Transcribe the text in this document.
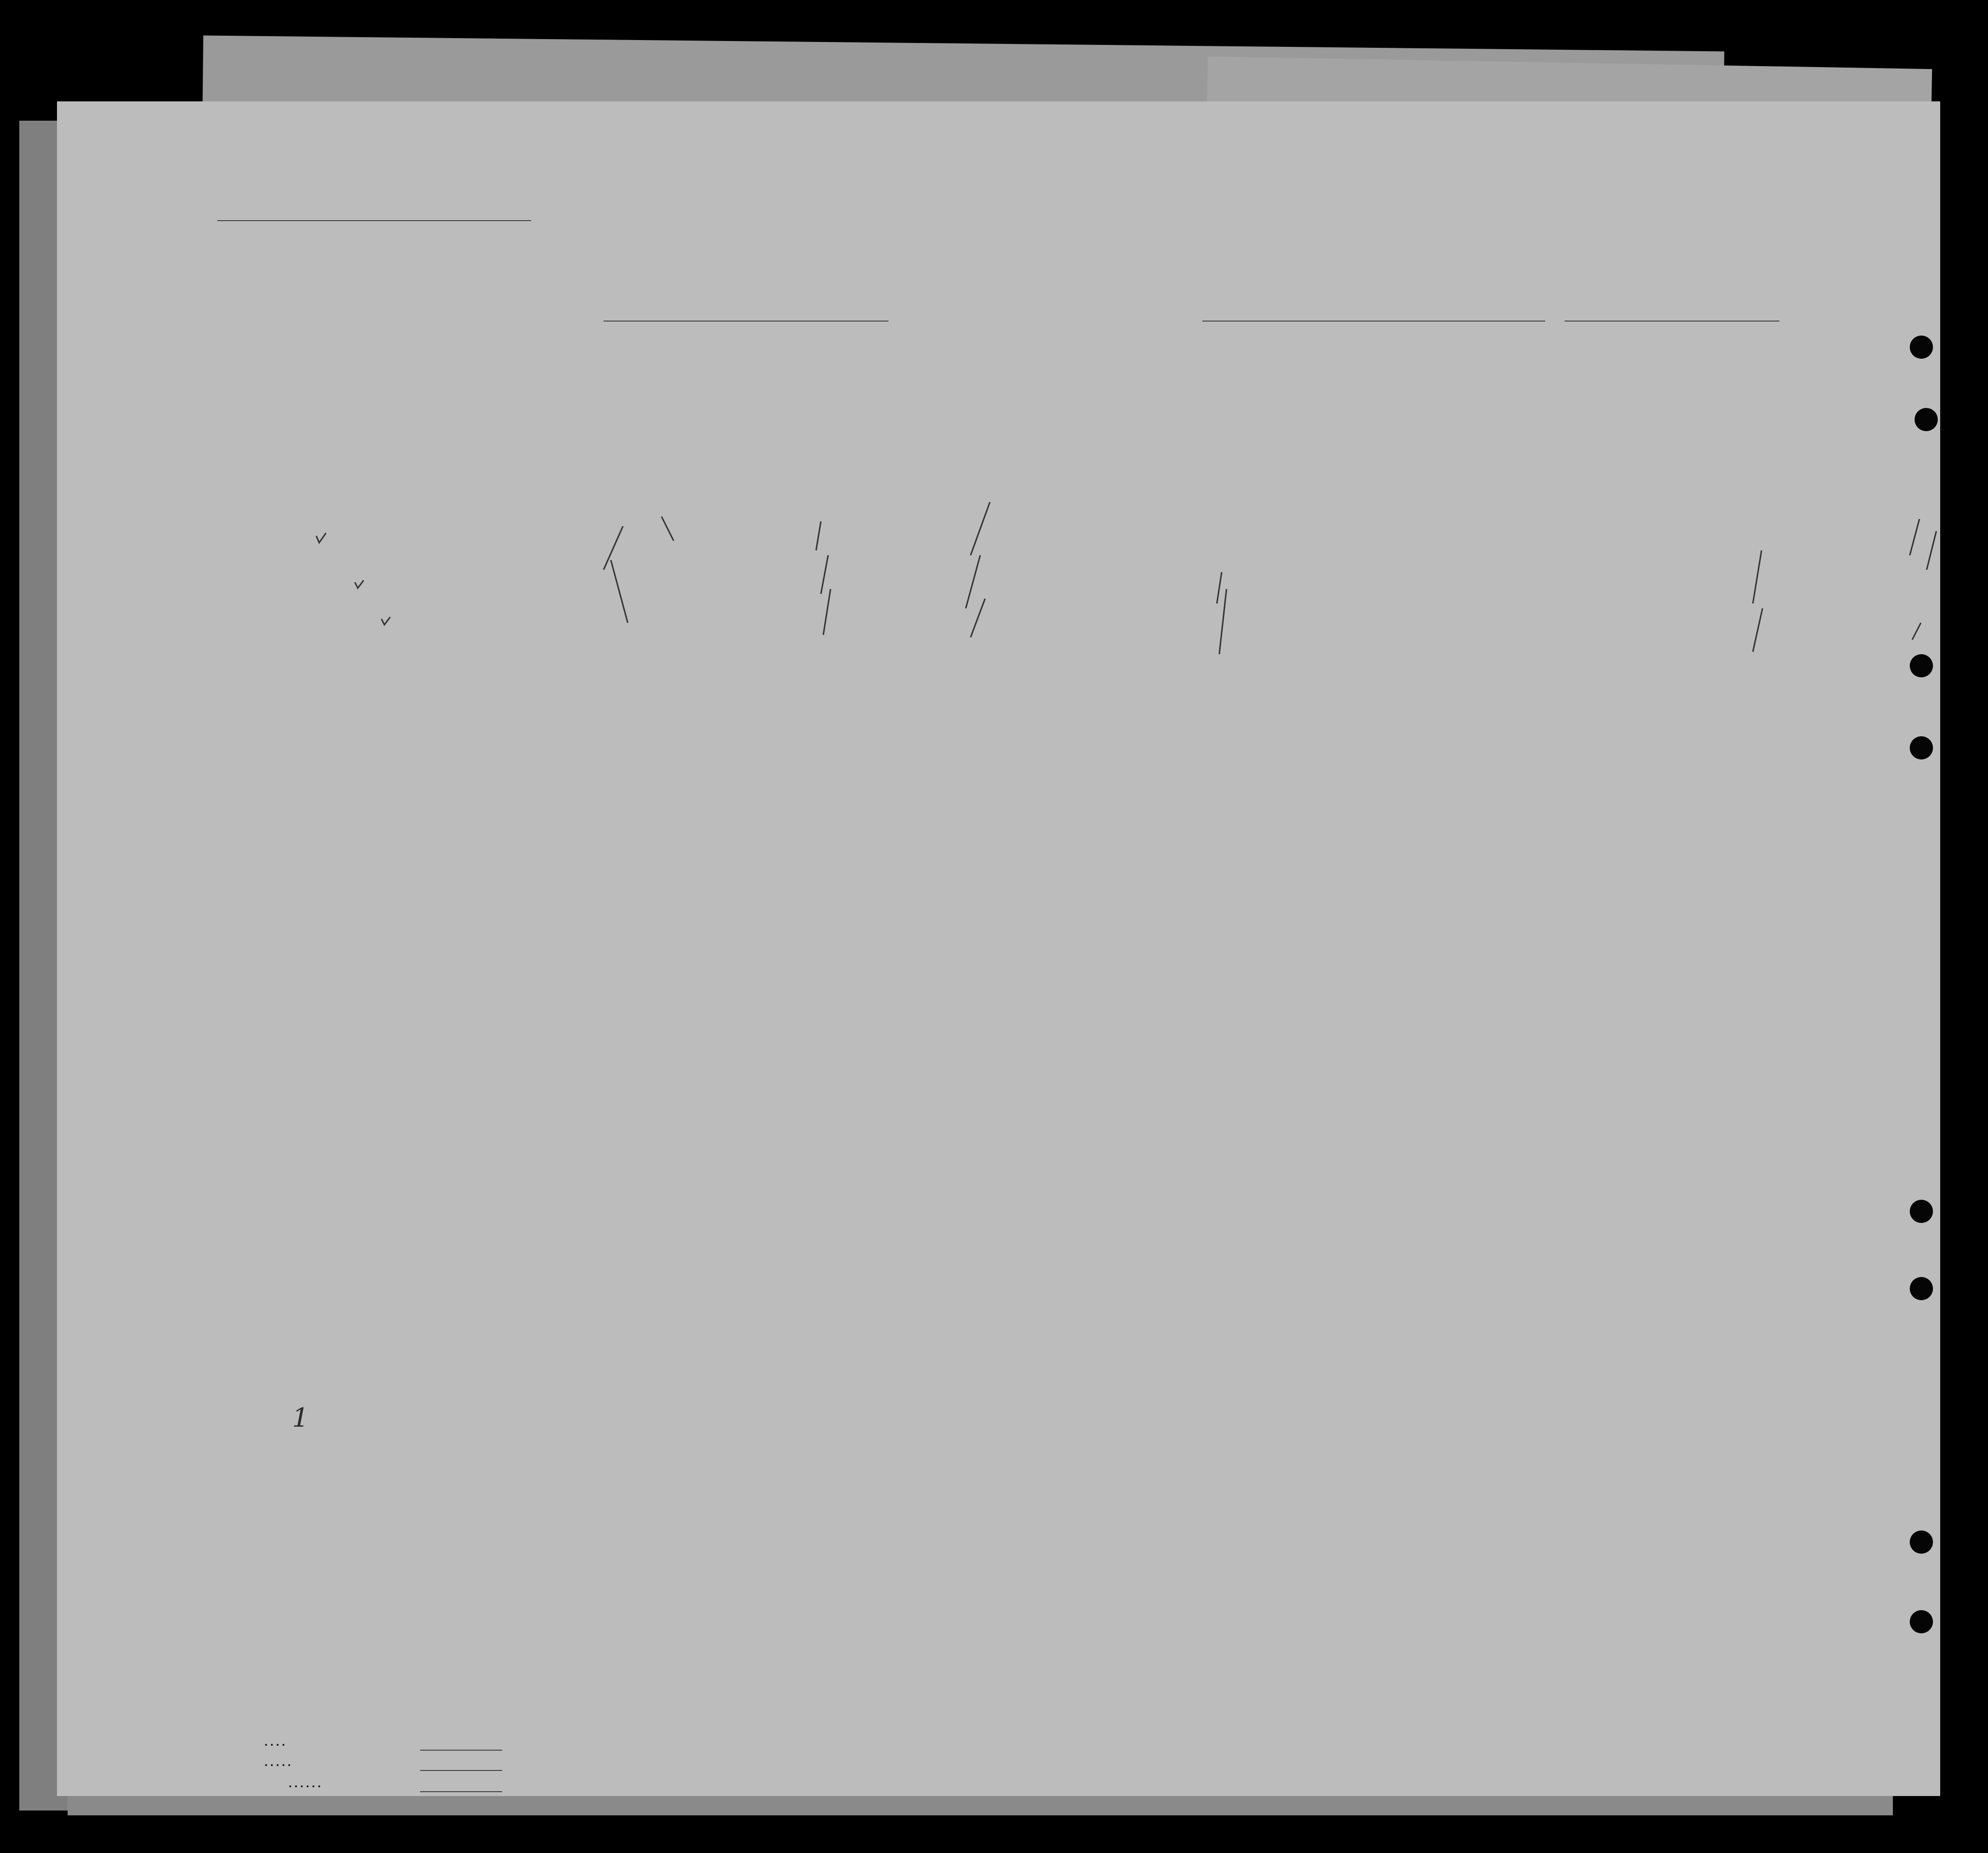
. . . .
. . . . .
. . . . . .
1
